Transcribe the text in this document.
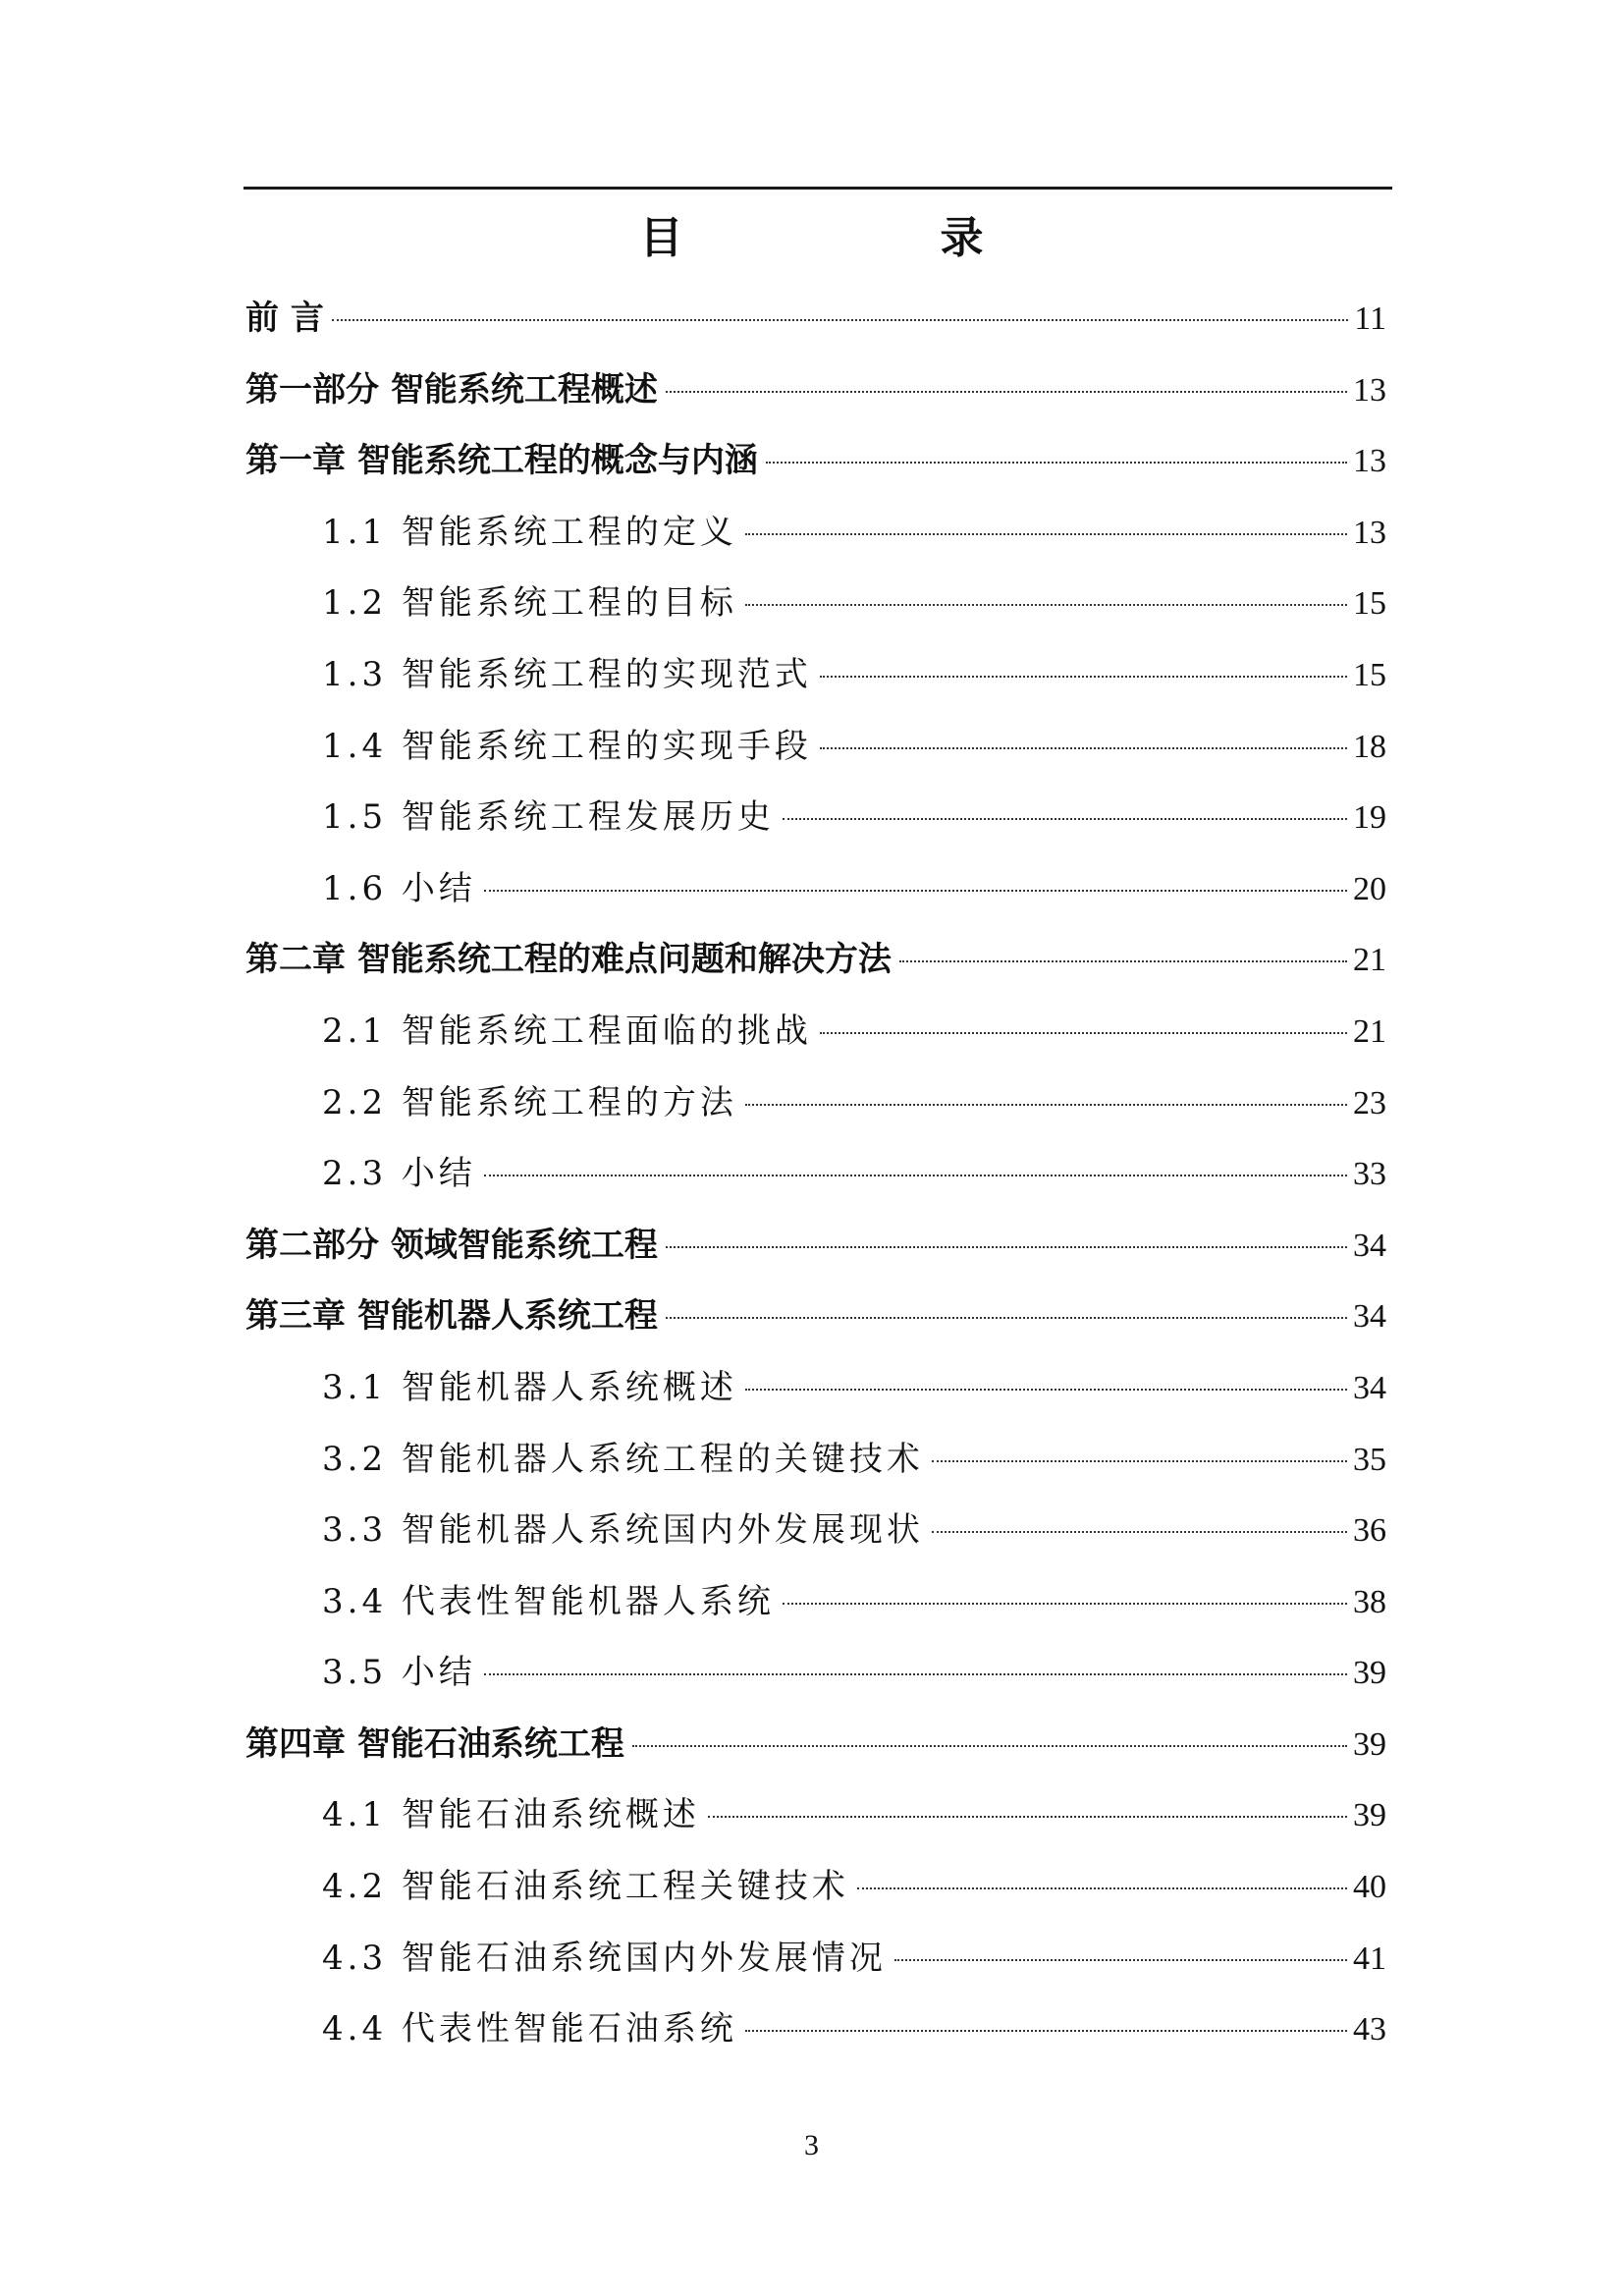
目　　录
前 言	11
第一部分 智能系统工程概述	13
第一章 智能系统工程的概念与内涵	13
1.1 智能系统工程的定义	13
1.2 智能系统工程的目标	15
1.3 智能系统工程的实现范式	15
1.4 智能系统工程的实现手段	18
1.5 智能系统工程发展历史	19
1.6 小结	20
第二章 智能系统工程的难点问题和解决方法	21
2.1 智能系统工程面临的挑战	21
2.2 智能系统工程的方法	23
2.3 小结	33
第二部分 领域智能系统工程	34
第三章 智能机器人系统工程	34
3.1 智能机器人系统概述	34
3.2 智能机器人系统工程的关键技术	35
3.3 智能机器人系统国内外发展现状	36
3.4 代表性智能机器人系统	38
3.5 小结	39
第四章 智能石油系统工程	39
4.1 智能石油系统概述	39
4.2 智能石油系统工程关键技术	40
4.3 智能石油系统国内外发展情况	41
4.4 代表性智能石油系统	43
3
